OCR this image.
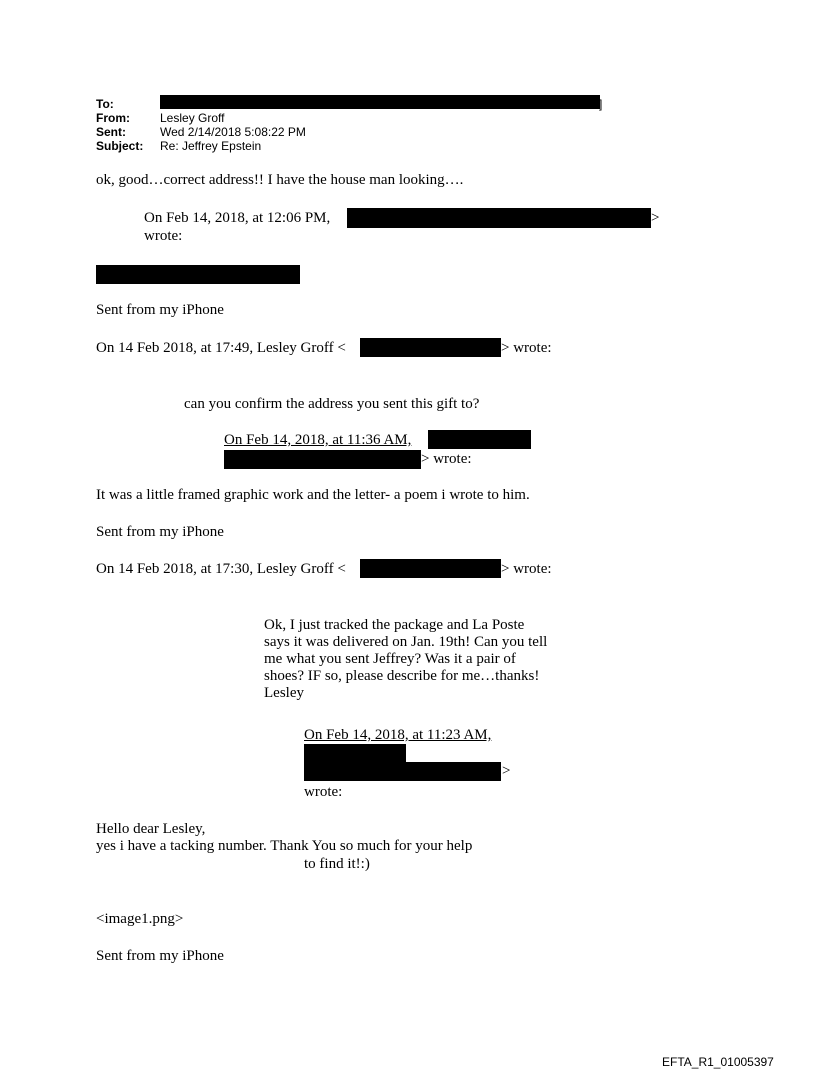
To:	]
From:	Lesley Groff
Sent:	Wed 2/14/2018 5:08:22 PM
Subject: Re: Jeffrey Epstein
ok, good…correct address!! I have the house man looking….
On Feb 14, 2018, at 12:06 PM,	>
wrote:
Sent from my iPhone
On 14 Feb 2018, at 17:49, Lesley Groff <	> wrote:
can you confirm the address you sent this gift to?
On Feb 14, 2018, at 11:36 AM,
> wrote:
It was a little framed graphic work and the letter- a poem i wrote to him.
Sent from my iPhone
On 14 Feb 2018, at 17:30, Lesley Groff <	> wrote:
Ok, I just tracked the package and La Poste says it was delivered on Jan. 19th! Can you tell me what you sent Jeffrey? Was it a pair of shoes? IF so, please describe for me…thanks! Lesley
On Feb 14, 2018, at 11:23 AM,
>
wrote:
Hello dear Lesley,
yes i have a tacking number. Thank You so much for your help
to find it!:)
<image1.png>
Sent from my iPhone
EFTA_R1_01005397
